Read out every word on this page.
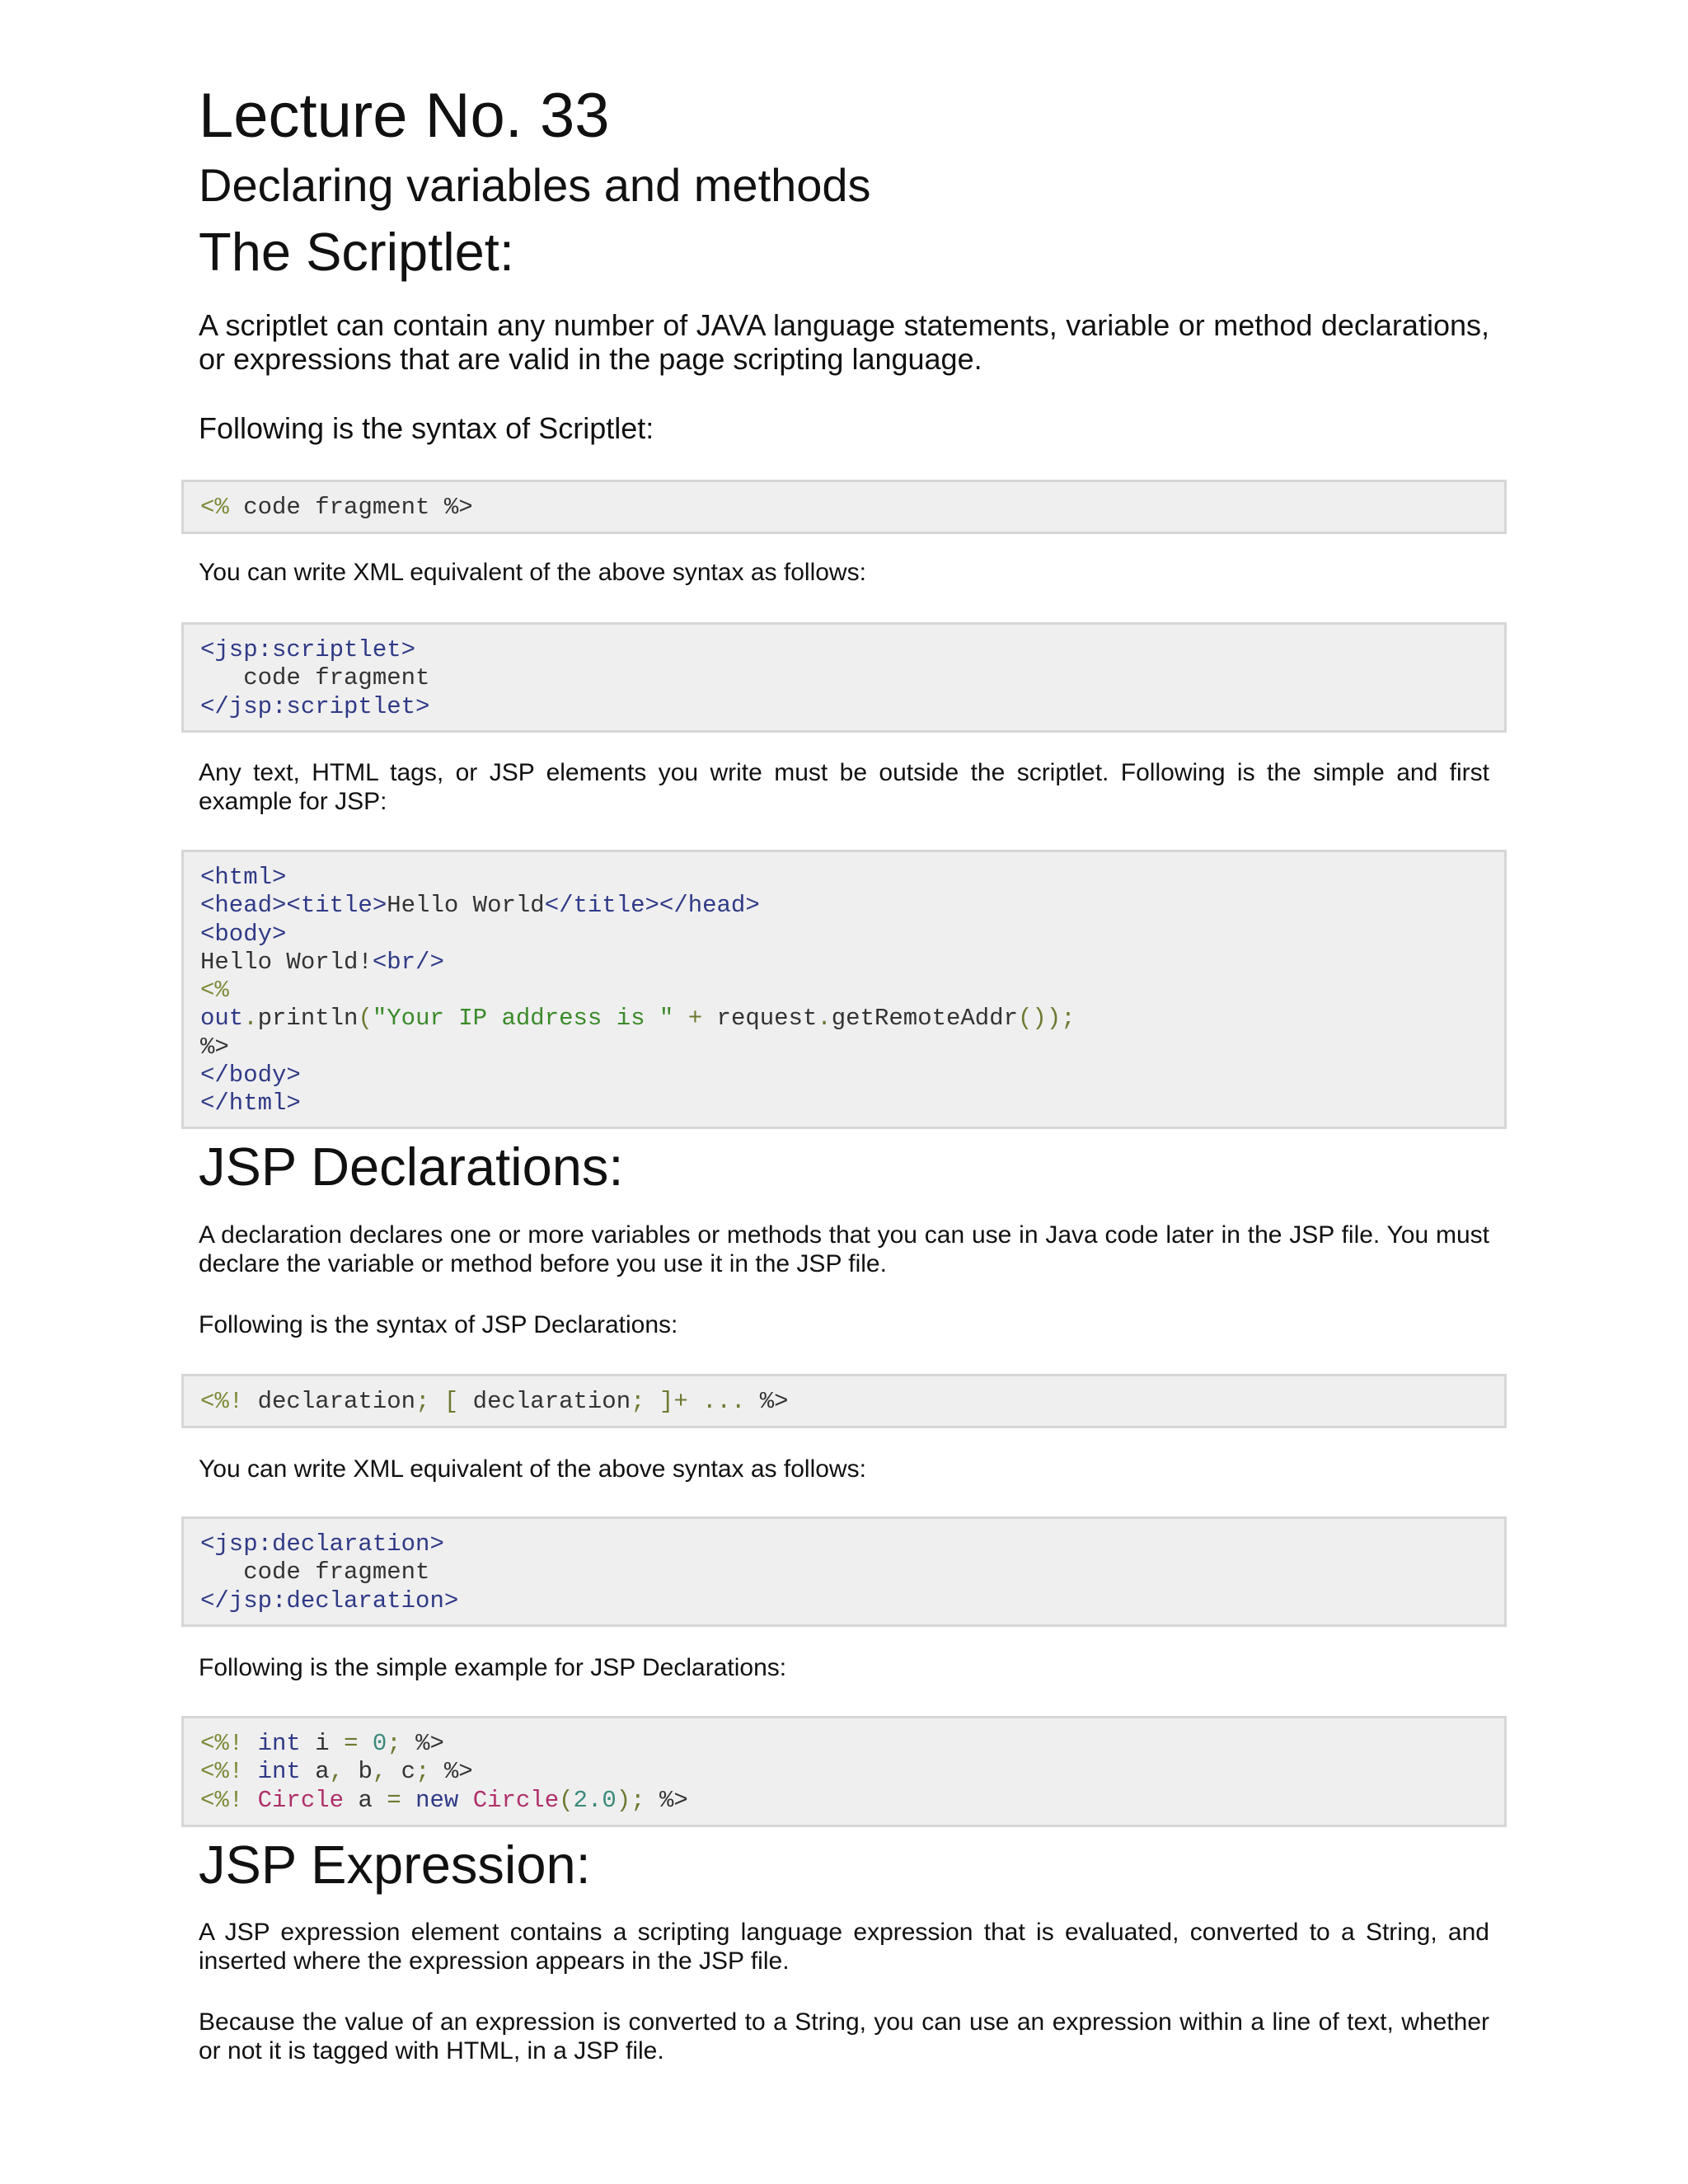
Lecture No. 33
Declaring variables and methods
The Scriptlet:
A scriptlet can contain any number of JAVA language statements, variable or method declarations, or expressions that are valid in the page scripting language.
Following is the syntax of Scriptlet:
<% code fragment %>
You can write XML equivalent of the above syntax as follows:
<jsp:scriptlet>
code fragment
</jsp:scriptlet>
Any text, HTML tags, or JSP elements you write must be outside the scriptlet. Following is the simple and first example for JSP:
<html>
<head><title>Hello World</title></head>
<body>
Hello World!<br/>
<%
out.println("Your IP address is " + request.getRemoteAddr());
%>
</body>
</html>
JSP Declarations:
A declaration declares one or more variables or methods that you can use in Java code later in the JSP file. You must declare the variable or method before you use it in the JSP file.
Following is the syntax of JSP Declarations:
<%! declaration; [ declaration; ]+ ... %>
You can write XML equivalent of the above syntax as follows:
<jsp:declaration>
code fragment
</jsp:declaration>
Following is the simple example for JSP Declarations:
<%! int i = 0; %>
<%! int a, b, c; %>
<%! Circle a = new Circle(2.0); %>
JSP Expression:
A JSP expression element contains a scripting language expression that is evaluated, converted to a String, and inserted where the expression appears in the JSP file.
Because the value of an expression is converted to a String, you can use an expression within a line of text, whether or not it is tagged with HTML, in a JSP file.
